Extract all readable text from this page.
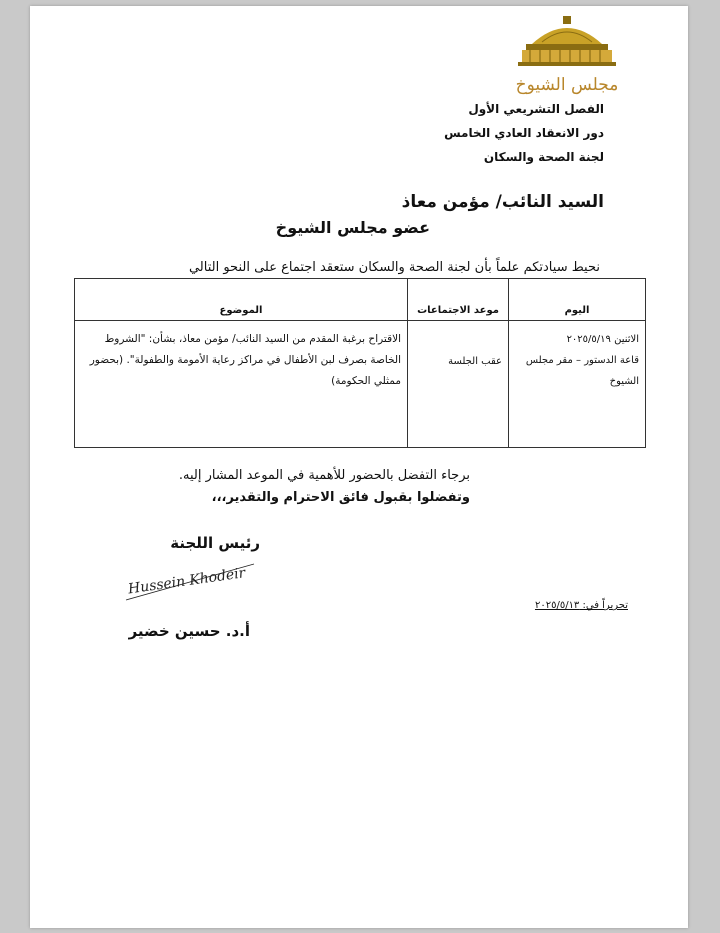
مجلس الشيوخ
الفصل التشريعي الأول
دور الانعقاد العادي الخامس
لجنة الصحة والسكان
السيد النائب/ مؤمن معاذ
عضو مجلس الشيوخ
نحيط سيادتكم علماً بأن لجنة الصحة والسكان ستعقد اجتماع على النحو التالي
اليوم	موعد الاجتماعات	الموضوع

الاثنين ٢٠٢٥/٥/١٩
قاعة الدستور – مقر مجلس الشيوخ	عقب الجلسة	الاقتراح برغبة المقدم من السيد النائب/ مؤمن معاذ، بشأن: "الشروط الخاصة بصرف لبن الأطفال في مراكز رعاية الأمومة والطفولة". (بحضور ممثلي الحكومة)
برجاء التفضل بالحضور للأهمية في الموعد المشار إليه.
وتفضلوا بقبول فائق الاحترام والتقدير،،،
رئيس اللجنة
Hussein Khodeir
أ.د. حسين خضير
تحريراً في: ٢٠٢٥/٥/١٣
